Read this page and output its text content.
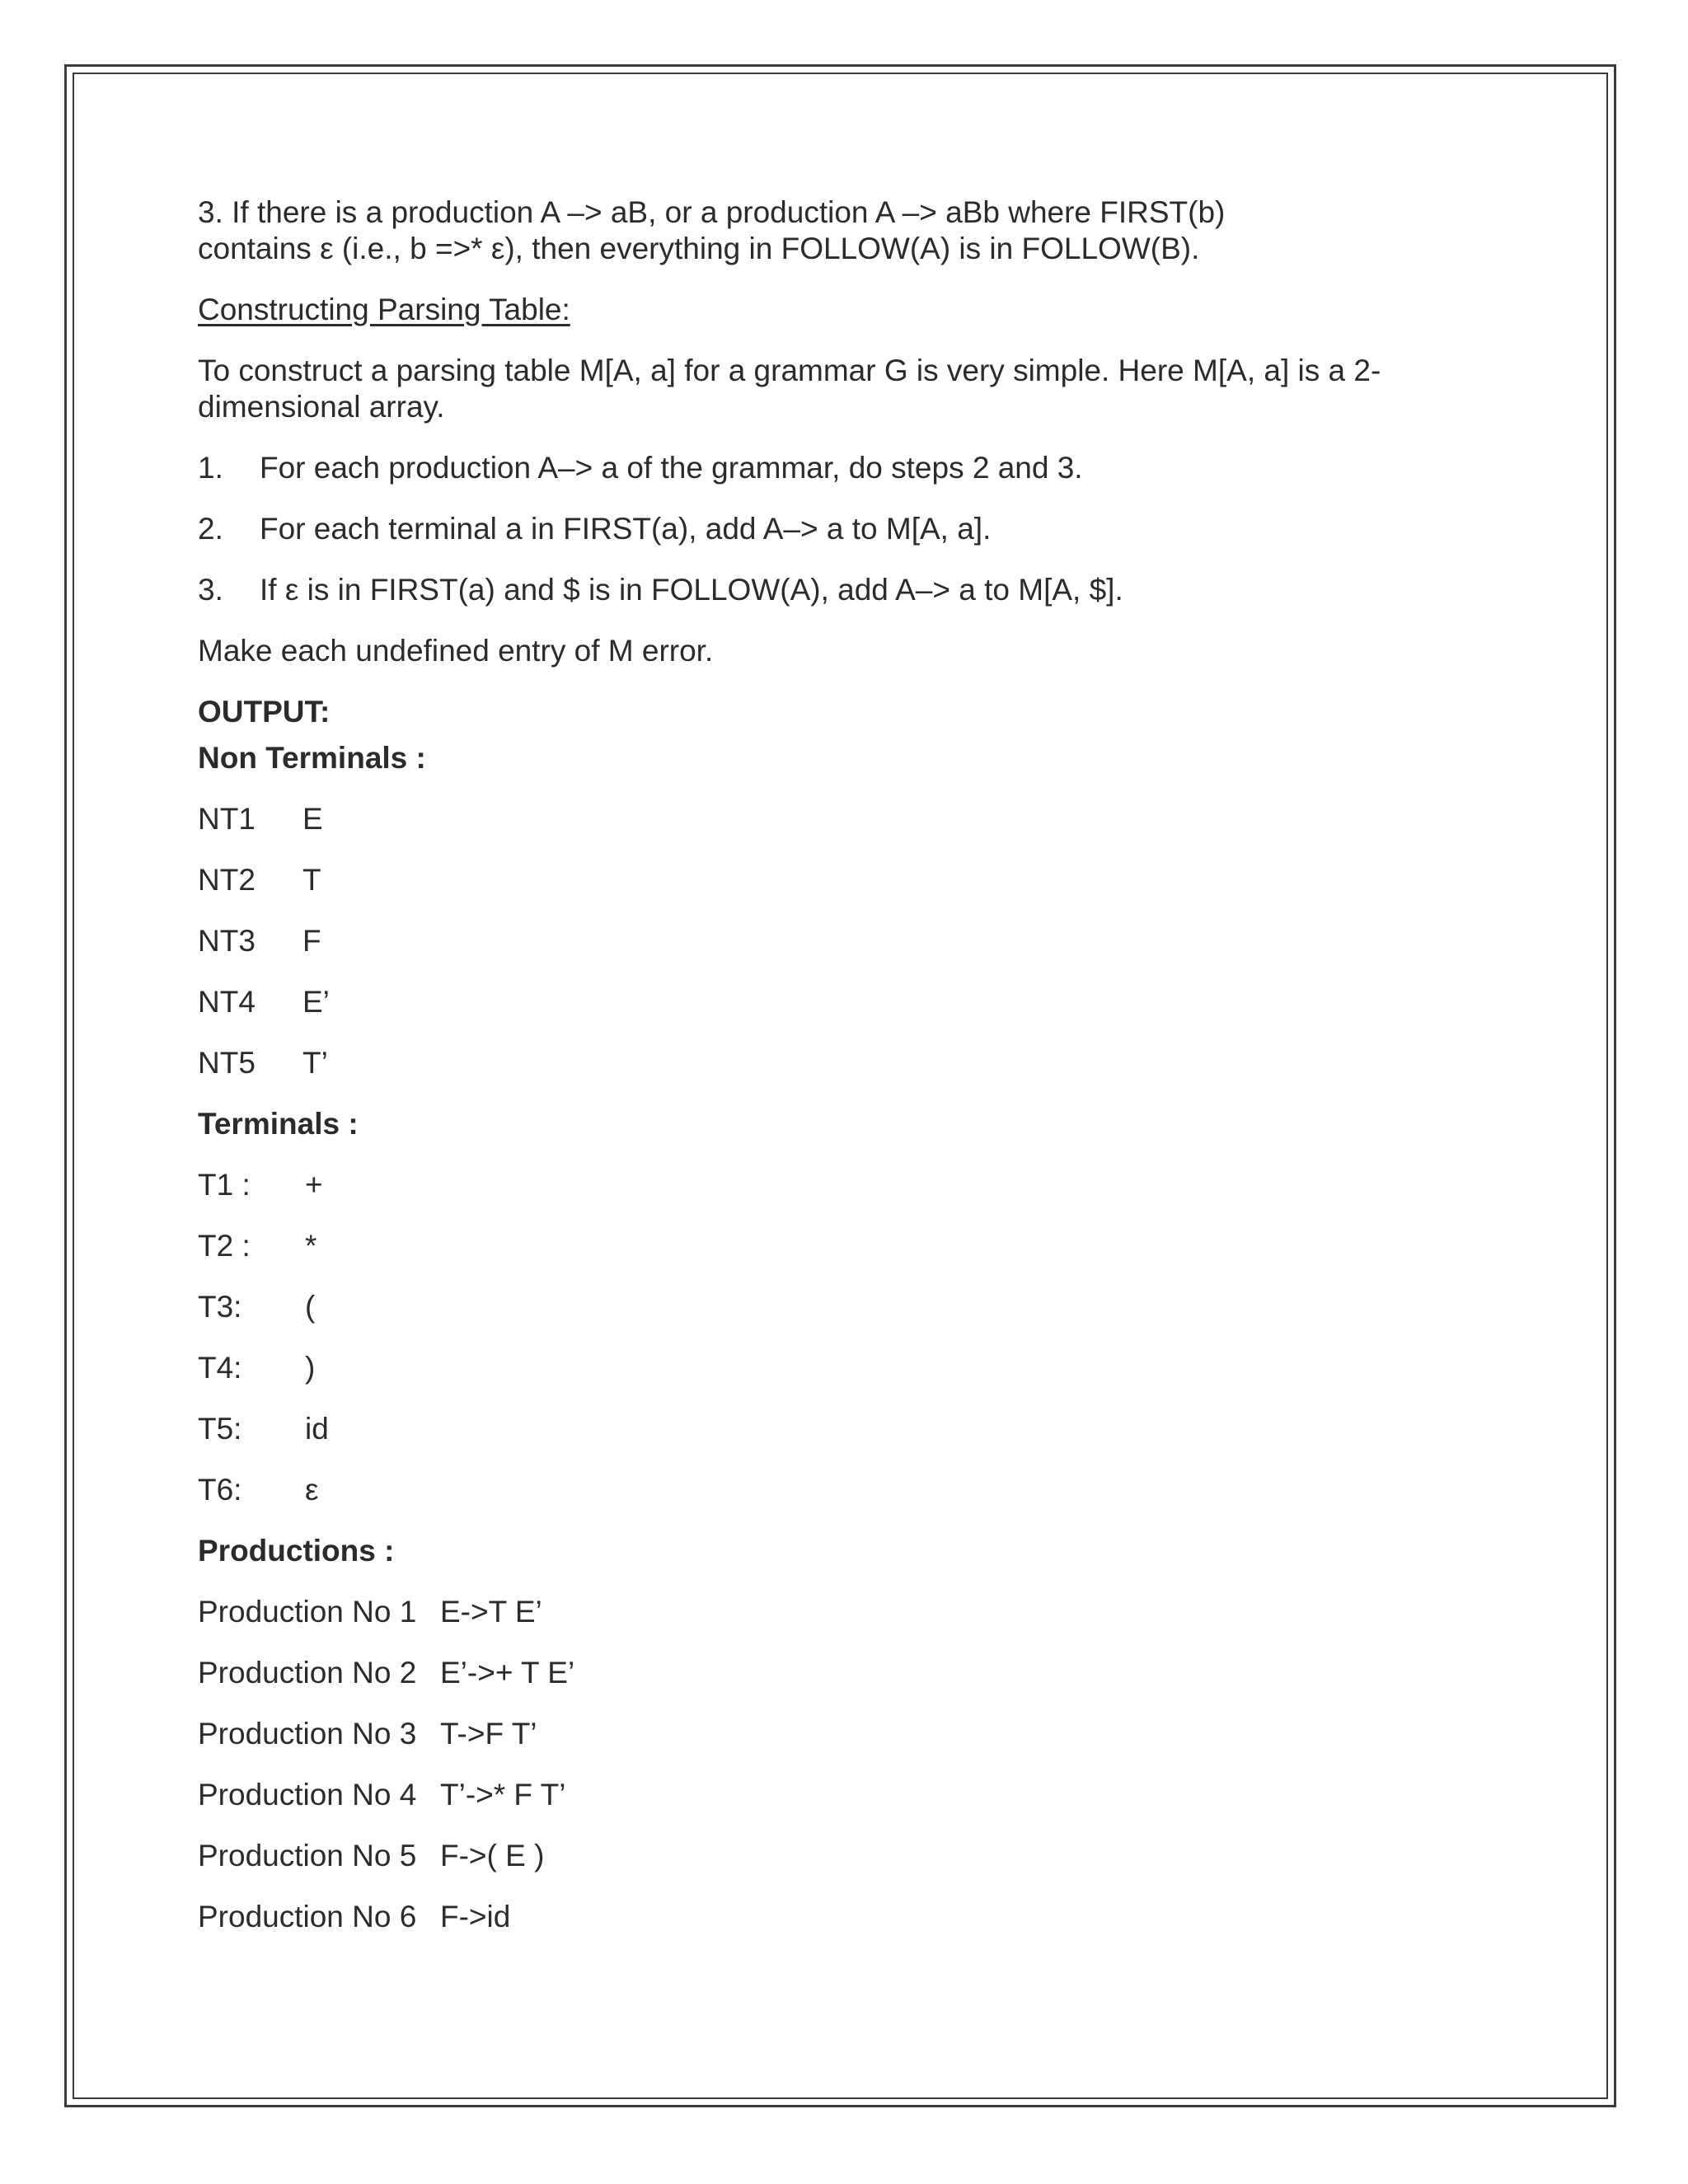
3. If there is a production A –> aB, or a production A –> aBb where FIRST(b)

contains ε (i.e., b =>* ε), then everything in FOLLOW(A) is in FOLLOW(B).

Constructing Parsing Table:

To construct a parsing table M[A, a] for a grammar G is very simple. Here M[A, a] is a 2-

dimensional array.

1.	For each production A–> a of the grammar, do steps 2 and 3.
2.	For each terminal a in FIRST(a), add A–> a to M[A, a].
3.	If ε is in FIRST(a) and $ is in FOLLOW(A), add A–> a to M[A, $].

Make each undefined entry of M error.

OUTPUT:

Non Terminals :

NT1	E
NT2	T
NT3	F
NT4	E’
NT5	T’

Terminals :

T1 :	+
T2 :	*
T3:	(
T4:	)
T5:	id
T6:	ε

Productions :

Production No 1 E->T E’
Production No 2 E’->+ T E’
Production No 3 T->F T’
Production No 4 T’->* F T’
Production No 5 F->( E )
Production No 6 F->id
